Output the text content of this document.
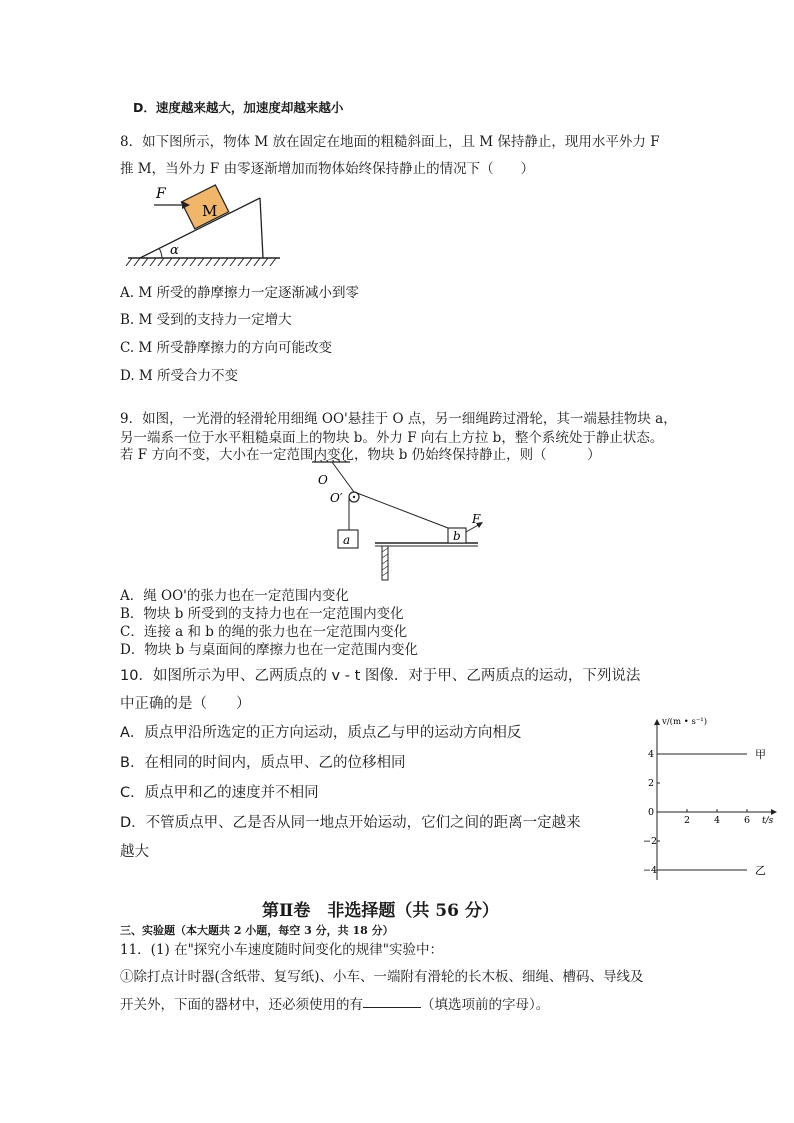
D．速度越来越大，加速度却越来越小
8．如下图所示，物体 M 放在固定在地面的粗糙斜面上，且 M 保持静止，现用水平外力 F
推 M，当外力 F 由零逐渐增加而物体始终保持静止的情况下（　　）
α
M
F
A. M 所受的静摩擦力一定逐渐减小到零
B. M 受到的支持力一定增大
C. M 所受静摩擦力的方向可能改变
D. M 所受合力不变
9．如图，一光滑的轻滑轮用细绳 OO'悬挂于 O 点，另一细绳跨过滑轮，其一端悬挂物块 a，
另一端系一位于水平粗糙桌面上的物块 b。外力 F 向右上方拉 b，整个系统处于静止状态。
若 F 方向不变，大小在一定范围内变化，物块 b 仍始终保持静止，则（　　　）
O
O′
a	b
F
A．绳 OO'的张力也在一定范围内变化
B．物块 b 所受到的支持力也在一定范围内变化
C．连接 a 和 b 的绳的张力也在一定范围内变化
D．物块 b 与桌面间的摩擦力也在一定范围内变化
10．如图所示为甲、乙两质点的 v - t 图像．对于甲、乙两质点的运动，下列说法
中正确的是（　　）
A．质点甲沿所选定的正方向运动，质点乙与甲的运动方向相反
B．在相同的时间内，质点甲、乙的位移相同
C．质点甲和乙的速度并不相同
D．不管质点甲、乙是否从同一地点开始运动，它们之间的距离一定越来
越大
v/(m • s⁻¹)
t/s
2	4	6
4
2
0
−2
−4
甲
乙
第Ⅱ卷　非选择题（共 56 分）
三、实验题（本大题共 2 小题，每空 3 分，共 18 分）
11．(1) 在"探究小车速度随时间变化的规律"实验中：
①除打点计时器(含纸带、复写纸)、小车、一端附有滑轮的长木板、细绳、槽码、导线及
开关外，下面的器材中，还必须使用的有	（填选项前的字母）。
